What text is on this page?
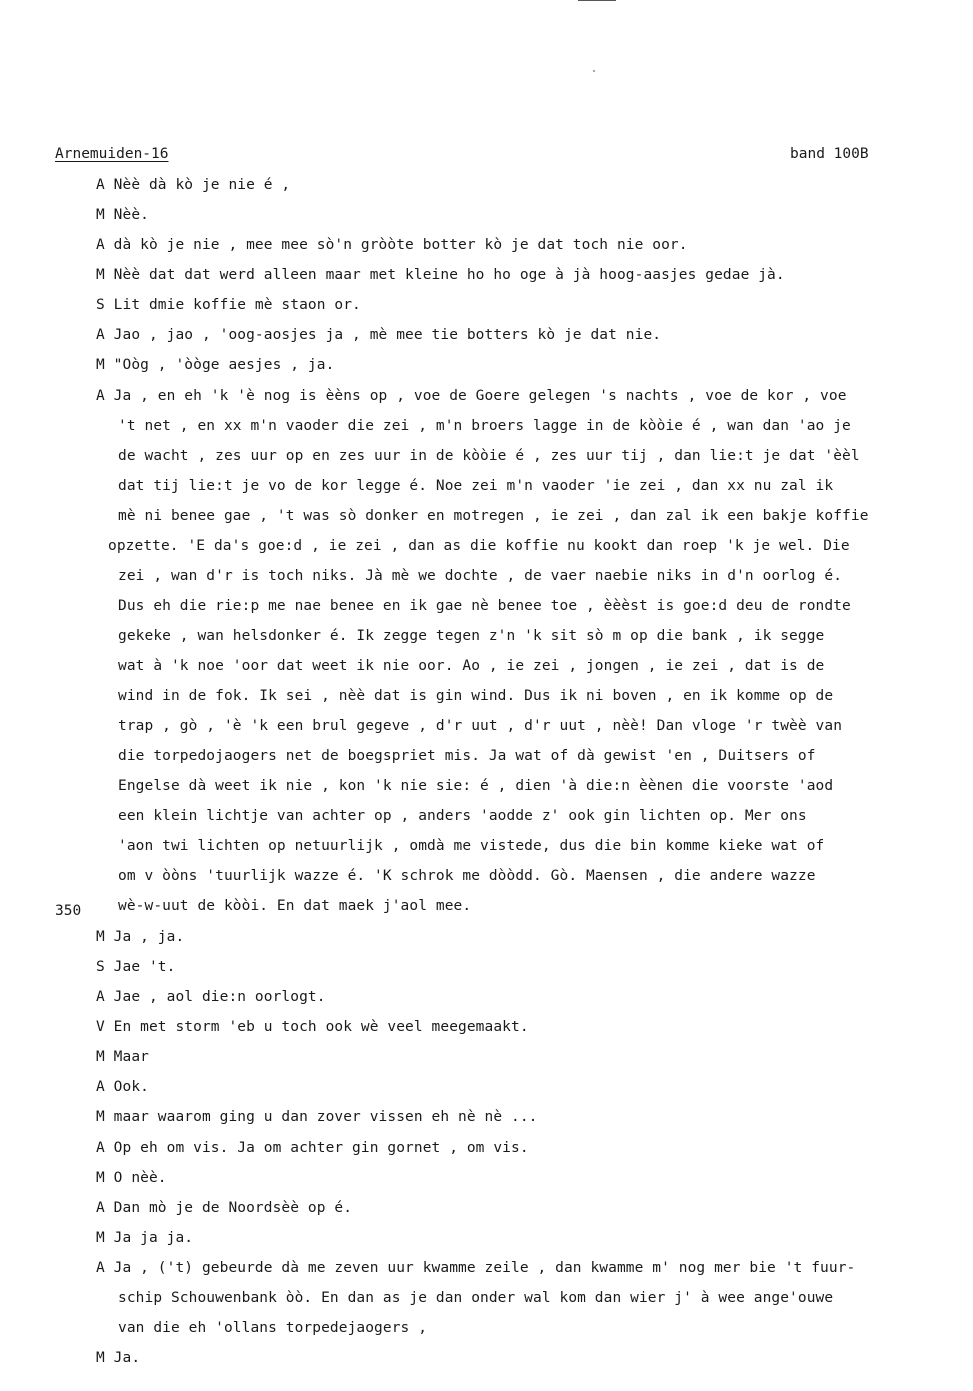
Arnemuiden-16	band 100B
350
A Nèè dà kò je nie é ,
M Nèè.
A dà kò je nie , mee mee sò'n gròòte botter kò je dat toch nie oor.
M Nèè dat dat werd alleen maar met kleine ho ho oge à jà hoog-aasjes gedae jà.
S Lit dmie koffie mè staon or.
A Jao , jao , 'oog-aosjes ja , mè mee tie botters kò je dat nie.
M "Oòg , 'òòge aesjes , ja.
A Ja , en eh 'k 'è nog is èèns op , voe de Goere gelegen 's nachts , voe de kor , voe
't net , en xx m'n vaoder die zei , m'n broers lagge in de kòòie é , wan dan 'ao je
de wacht , zes uur op en zes uur in de kòòie é , zes uur tij , dan lie:t je dat 'èèl
dat tij lie:t je vo de kor legge é. Noe zei m'n vaoder 'ie zei , dan xx nu zal ik
mè ni benee gae , 't was sò donker en motregen , ie zei , dan zal ik een bakje koffie
opzette. 'E da's goe:d , ie zei , dan as die koffie nu kookt dan roep 'k je wel. Die
zei , wan d'r is toch niks. Jà mè we dochte , de vaer naebie niks in d'n oorlog é.
Dus eh die rie:p me nae benee en ik gae nè benee toe , èèèst is goe:d deu de rondte
gekeke , wan helsdonker é. Ik zegge tegen z'n 'k sit sò m op die bank , ik segge
wat à 'k noe 'oor dat weet ik nie oor. Ao , ie zei , jongen , ie zei , dat is de
wind in de fok. Ik sei , nèè dat is gin wind. Dus ik ni boven , en ik komme op de
trap , gò , 'è 'k een brul gegeve , d'r uut , d'r uut , nèè! Dan vloge 'r twèè van
die torpedojaogers net de boegspriet mis. Ja wat of dà gewist 'en , Duitsers of
Engelse dà weet ik nie , kon 'k nie sie: é , dien 'à die:n èènen die voorste 'aod
een klein lichtje van achter op , anders 'aodde z' ook gin lichten op. Mer ons
'aon twi lichten op netuurlijk , omdà me vistede, dus die bin komme kieke wat of
om v òòns 'tuurlijk wazze é. 'K schrok me dòòdd. Gò. Maensen , die andere wazze
wè-w-uut de kòòi. En dat maek j'aol mee.
M Ja , ja.
S Jae 't.
A Jae , aol die:n oorlogt.
V En met storm 'eb u toch ook wè veel meegemaakt.
M Maar
A Ook.
M maar waarom ging u dan zover vissen eh nè nè ...
A Op eh om vis. Ja om achter gin gornet , om vis.
M O nèè.
A Dan mò je de Noordsèè op é.
M Ja ja ja.
A Ja , ('t) gebeurde dà me zeven uur kwamme zeile , dan kwamme m' nog mer bie 't fuur-
schip Schouwenbank òò. En dan as je dan onder wal kom dan wier j' à wee ange'ouwe
van die eh 'ollans torpedejaogers ,
M Ja.
